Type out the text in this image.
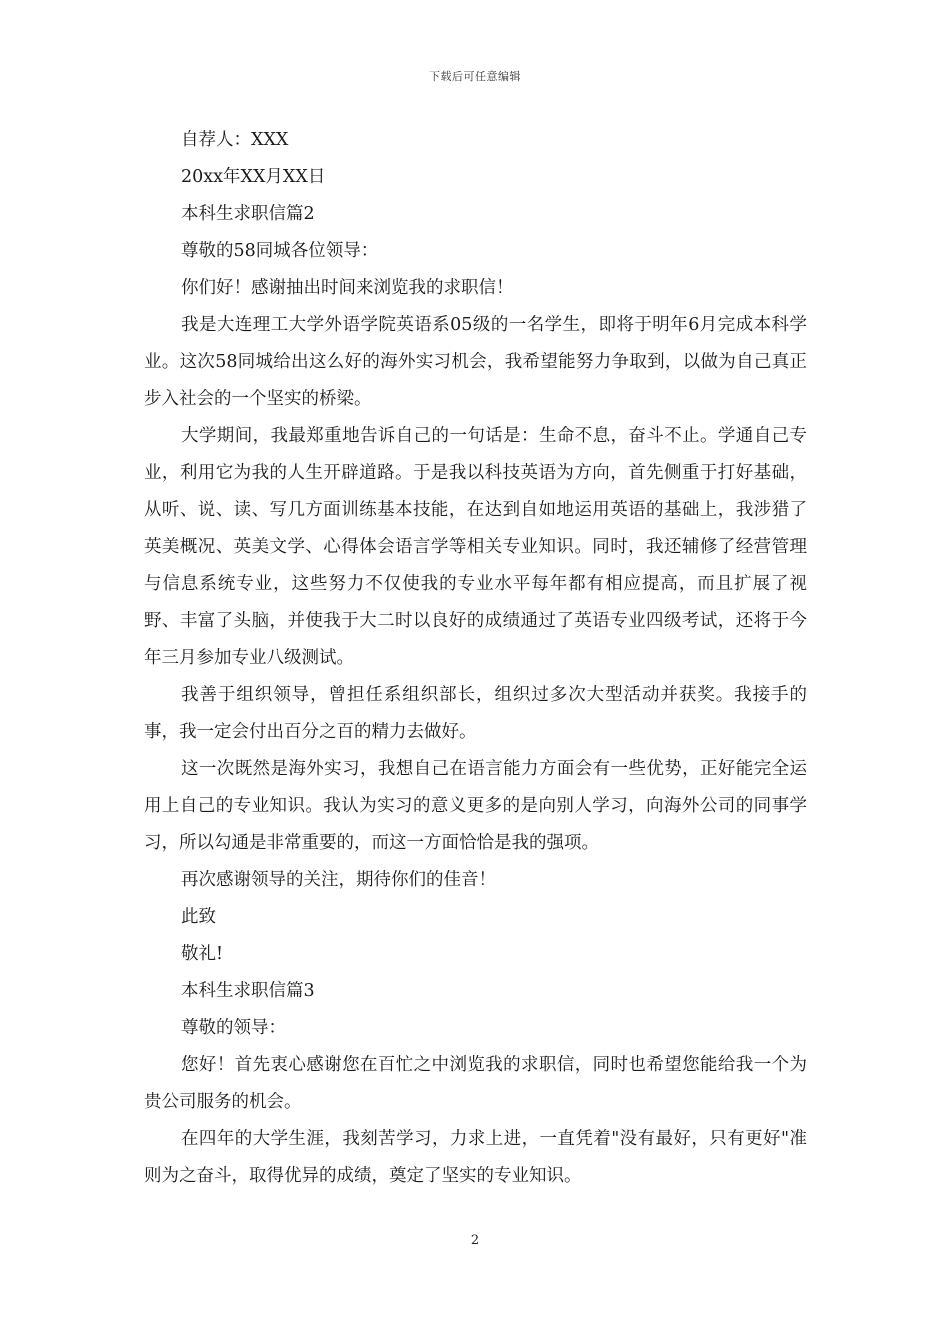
下载后可任意编辑
自荐人：XXX
20xx年XX月XX日
本科生求职信篇2
尊敬的58同城各位领导：
你们好！感谢抽出时间来浏览我的求职信！

我是大连理工大学外语学院英语系05级的一名学生，即将于明年6月完成本科学业。这次58同城给出这么好的海外实习机会，我希望能努力争取到，以做为自己真正步入社会的一个坚实的桥梁。

大学期间，我最郑重地告诉自己的一句话是：生命不息，奋斗不止。学通自己专业，利用它为我的人生开辟道路。于是我以科技英语为方向，首先侧重于打好基础，从听、说、读、写几方面训练基本技能，在达到自如地运用英语的基础上，我涉猎了英美概况、英美文学、心得体会语言学等相关专业知识。同时，我还辅修了经营管理与信息系统专业，这些努力不仅使我的专业水平每年都有相应提高，而且扩展了视野、丰富了头脑，并使我于大二时以良好的成绩通过了英语专业四级考试，还将于今年三月参加专业八级测试。

我善于组织领导，曾担任系组织部长，组织过多次大型活动并获奖。我接手的事，我一定会付出百分之百的精力去做好。

这一次既然是海外实习，我想自己在语言能力方面会有一些优势，正好能完全运用上自己的专业知识。我认为实习的意义更多的是向别人学习，向海外公司的同事学习，所以勾通是非常重要的，而这一方面恰恰是我的强项。

再次感谢领导的关注，期待你们的佳音！
此致
敬礼!
本科生求职信篇3
尊敬的领导：

您好！首先衷心感谢您在百忙之中浏览我的求职信，同时也希望您能给我一个为贵公司服务的机会。

在四年的大学生涯，我刻苦学习，力求上进，一直凭着"没有最好，只有更好"准则为之奋斗，取得优异的成绩，奠定了坚实的专业知识。

2
